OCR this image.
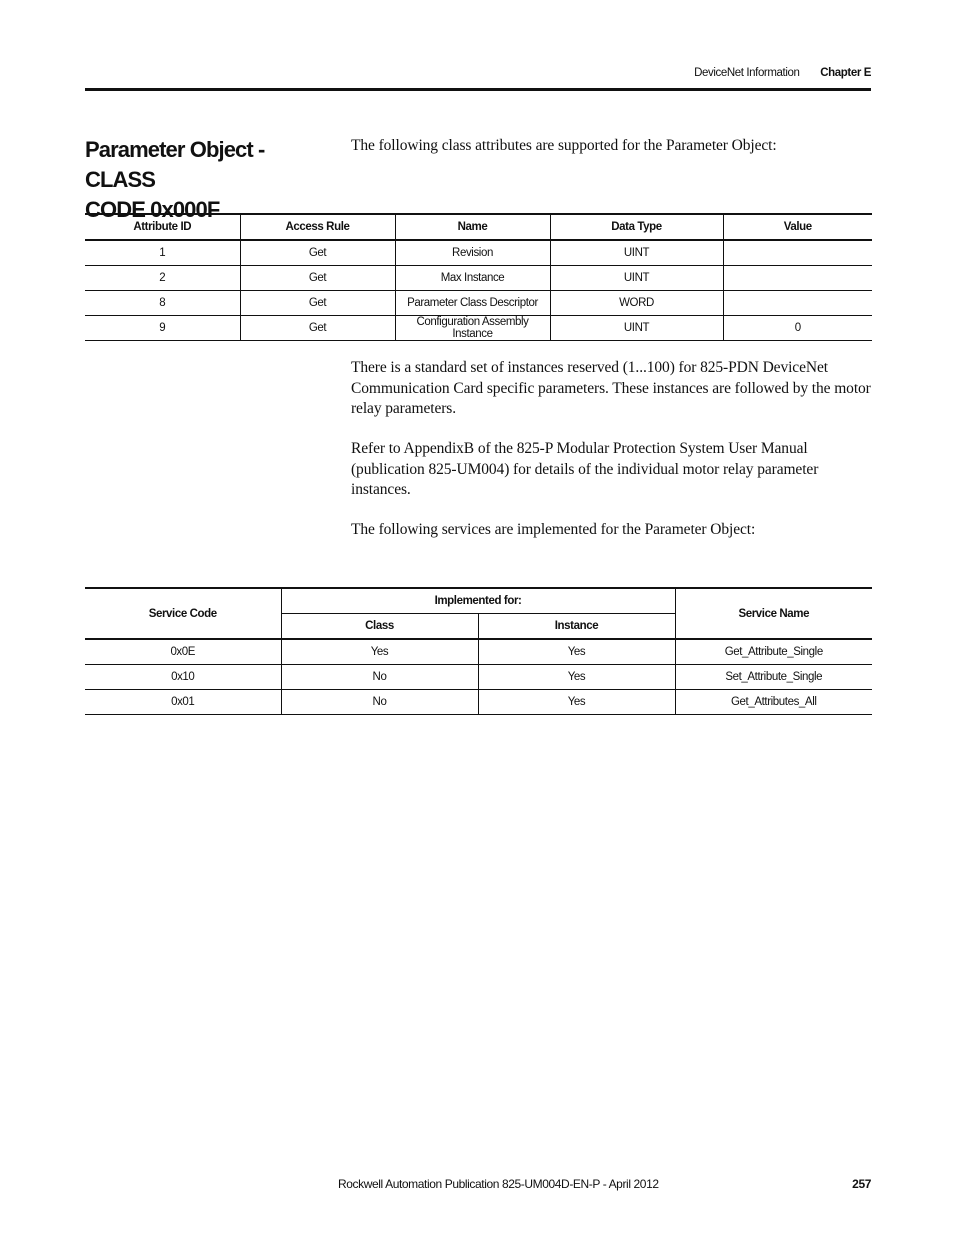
DeviceNet Information Chapter E
Parameter Object - CLASS
CODE 0x000F
The following class attributes are supported for the Parameter Object:
Attribute ID	Access Rule	Name	Data Type	Value
1	Get	Revision	UINT	
2	Get	Max Instance	UINT	
8	Get	Parameter Class Descriptor	WORD	
9	Get	Configuration Assembly Instance	UINT	0
There is a standard set of instances reserved (1...100) for 825-PDN DeviceNet Communication Card specific parameters. These instances are followed by the motor relay parameters.
Refer to AppendixB of the 825-P Modular Protection System User Manual (publication 825-UM004) for details of the individual motor relay parameter instances.
The following services are implemented for the Parameter Object:
Service Code	Implemented for:		Service Name
	Class	Instance	
0x0E	Yes	Yes	Get_Attribute_Single
0x10	No	Yes	Set_Attribute_Single
0x01	No	Yes	Get_Attributes_All
Rockwell Automation Publication 825-UM004D-EN-P - April 2012	257
